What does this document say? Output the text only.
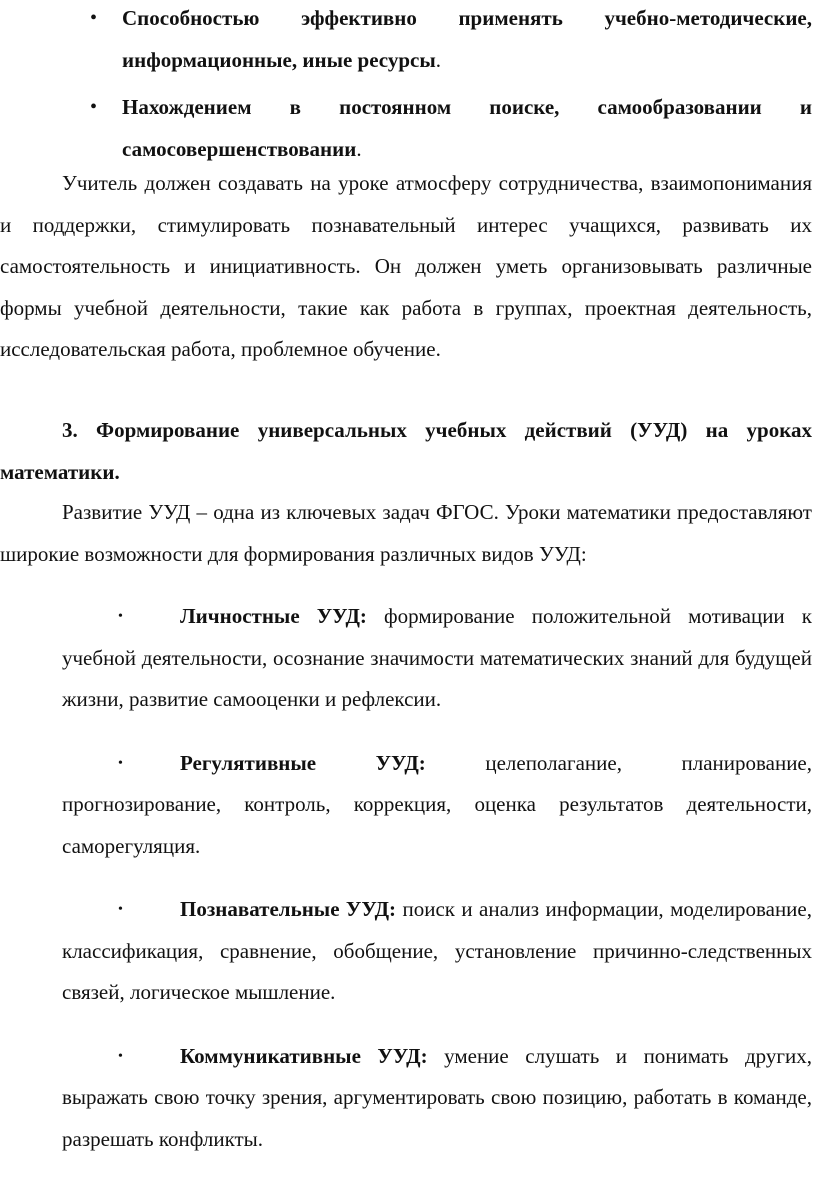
• Способностью эффективно применять учебно-методические, информационные, иные ресурсы.
• Нахождением в постоянном поиске, самообразовании и самосовершенствовании.
Учитель должен создавать на уроке атмосферу сотрудничества, взаимопонимания и поддержки, стимулировать познавательный интерес учащихся, развивать их самостоятельность и инициативность. Он должен уметь организовывать различные формы учебной деятельности, такие как работа в группах, проектная деятельность, исследовательская работа, проблемное обучение.
3. Формирование универсальных учебных действий (УУД) на уроках математики.
Развитие УУД – одна из ключевых задач ФГОС. Уроки математики предоставляют широкие возможности для формирования различных видов УУД:
•	Личностные УУД: формирование положительной мотивации к учебной деятельности, осознание значимости математических знаний для будущей жизни, развитие самооценки и рефлексии.
•	Регулятивные УУД: целеполагание, планирование, прогнозирование, контроль, коррекция, оценка результатов деятельности, саморегуляция.
•	Познавательные УУД: поиск и анализ информации, моделирование, классификация, сравнение, обобщение, установление причинно-следственных связей, логическое мышление.
•	Коммуникативные УУД: умение слушать и понимать других, выражать свою точку зрения, аргументировать свою позицию, работать в команде, разрешать конфликты.
